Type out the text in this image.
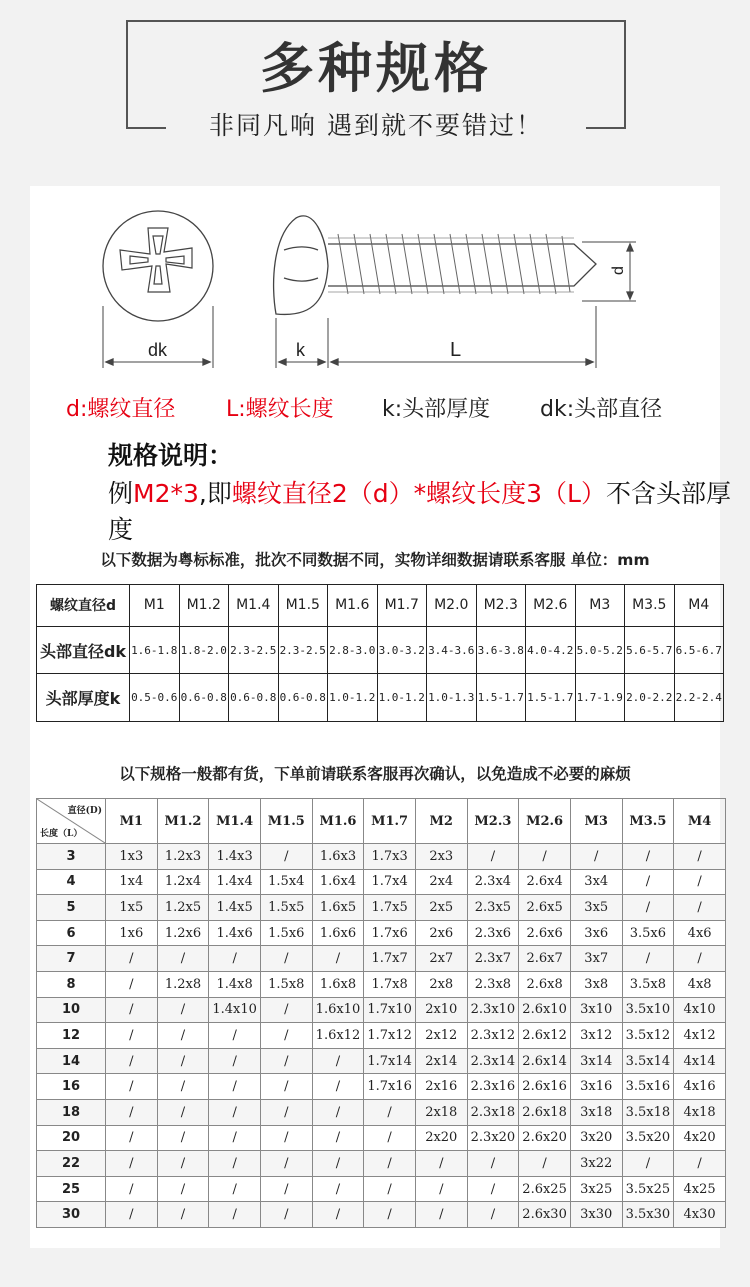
多种规格
非同凡响 遇到就不要错过！
dk	k	L
d
d:螺纹直径 L:螺纹长度 k:头部厚度 dk:头部直径
规格说明：
例M2*3,即螺纹直径2（d）*螺纹长度3（L）不含头部厚度
以下数据为粤标标准，批次不同数据不同，实物详细数据请联系客服 单位：mm
螺纹直径d	M1	M1.2	M1.4	M1.5	M1.6	M1.7	M2.0	M2.3	M2.6	M3	M3.5	M4
头部直径dk	1.6-1.8	1.8-2.0	2.3-2.5	2.3-2.5	2.8-3.0	3.0-3.2	3.4-3.6	3.6-3.8	4.0-4.2	5.0-5.2	5.6-5.7	6.5-6.7
头部厚度k	0.5-0.6	0.6-0.8	0.6-0.8	0.6-0.8	1.0-1.2	1.0-1.2	1.0-1.3	1.5-1.7	1.5-1.7	1.7-1.9	2.0-2.2	2.2-2.4
以下规格一般都有货，下单前请联系客服再次确认，以免造成不必要的麻烦
直径(D)
长度（L）	M1	M1.2	M1.4	M1.5	M1.6	M1.7	M2	M2.3	M2.6	M3	M3.5	M4
3	1x3	1.2x3	1.4x3	/	1.6x3	1.7x3	2x3	/	/	/	/	/
4	1x4	1.2x4	1.4x4	1.5x4	1.6x4	1.7x4	2x4	2.3x4	2.6x4	3x4	/	/
5	1x5	1.2x5	1.4x5	1.5x5	1.6x5	1.7x5	2x5	2.3x5	2.6x5	3x5	/	/
6	1x6	1.2x6	1.4x6	1.5x6	1.6x6	1.7x6	2x6	2.3x6	2.6x6	3x6	3.5x6	4x6
7	/	/	/	/	/	1.7x7	2x7	2.3x7	2.6x7	3x7	/	/
8	/	1.2x8	1.4x8	1.5x8	1.6x8	1.7x8	2x8	2.3x8	2.6x8	3x8	3.5x8	4x8
10	/	/	1.4x10	/	1.6x10	1.7x10	2x10	2.3x10	2.6x10	3x10	3.5x10	4x10
12	/	/	/	/	1.6x12	1.7x12	2x12	2.3x12	2.6x12	3x12	3.5x12	4x12
14	/	/	/	/	/	1.7x14	2x14	2.3x14	2.6x14	3x14	3.5x14	4x14
16	/	/	/	/	/	1.7x16	2x16	2.3x16	2.6x16	3x16	3.5x16	4x16
18	/	/	/	/	/	/	2x18	2.3x18	2.6x18	3x18	3.5x18	4x18
20	/	/	/	/	/	/	2x20	2.3x20	2.6x20	3x20	3.5x20	4x20
22	/	/	/	/	/	/	/	/	/	3x22	/	/
25	/	/	/	/	/	/	/	/	2.6x25	3x25	3.5x25	4x25
30	/	/	/	/	/	/	/	/	2.6x30	3x30	3.5x30	4x30
